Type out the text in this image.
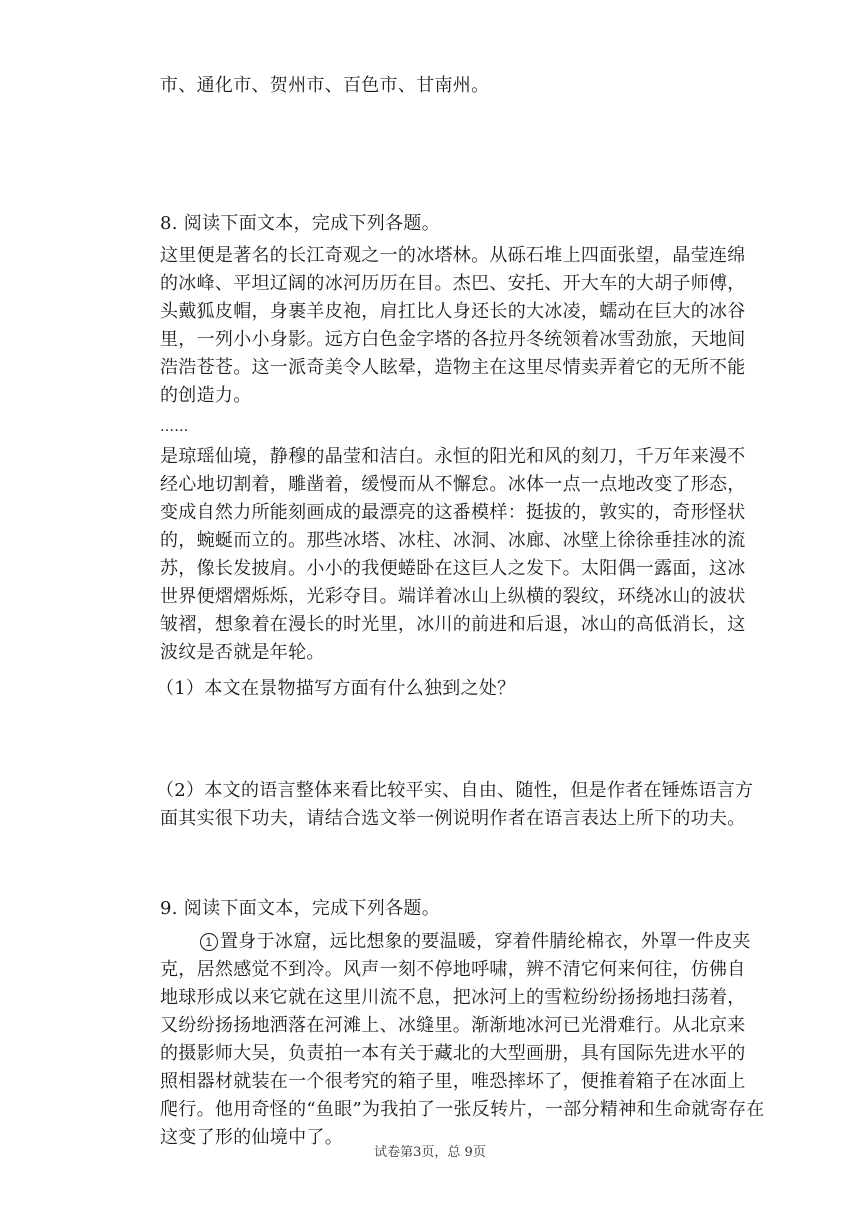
市、通化市、贺州市、百色市、甘南州。
8. 阅读下面文本，完成下列各题。
这里便是著名的长江奇观之一的冰塔林。从砾石堆上四面张望，晶莹连绵
的冰峰、平坦辽阔的冰河历历在目。杰巴、安托、开大车的大胡子师傅，
头戴狐皮帽，身裹羊皮袍，肩扛比人身还长的大冰凌，蠕动在巨大的冰谷
里，一列小小身影。远方白色金字塔的各拉丹冬统领着冰雪劲旅，天地间
浩浩苍苍。这一派奇美令人眩晕，造物主在这里尽情卖弄着它的无所不能
的创造力。
……
是琼瑶仙境，静穆的晶莹和洁白。永恒的阳光和风的刻刀，千万年来漫不
经心地切割着，雕凿着，缓慢而从不懈怠。冰体一点一点地改变了形态，
变成自然力所能刻画成的最漂亮的这番模样：挺拔的，敦实的，奇形怪状
的，蜿蜒而立的。那些冰塔、冰柱、冰洞、冰廊、冰壁上徐徐垂挂冰的流
苏，像长发披肩。小小的我便蜷卧在这巨人之发下。太阳偶一露面，这冰
世界便熠熠烁烁，光彩夺目。端详着冰山上纵横的裂纹，环绕冰山的波状
皱褶，想象着在漫长的时光里，冰川的前进和后退，冰山的高低消长，这
波纹是否就是年轮。
（1）本文在景物描写方面有什么独到之处？
（2）本文的语言整体来看比较平实、自由、随性，但是作者在锤炼语言方
面其实很下功夫，请结合选文举一例说明作者在语言表达上所下的功夫。
9. 阅读下面文本，完成下列各题。
1 置身于冰窟，远比想象的要温暖，穿着件腈纶棉衣，外罩一件皮夹
克，居然感觉不到冷。风声一刻不停地呼啸，辨不清它何来何往，仿佛自
地球形成以来它就在这里川流不息，把冰河上的雪粒纷纷扬扬地扫荡着，
又纷纷扬扬地洒落在河滩上、冰缝里。渐渐地冰河已光滑难行。从北京来
的摄影师大吴，负责拍一本有关于藏北的大型画册，具有国际先进水平的
照相器材就装在一个很考究的箱子里，唯恐摔坏了，便推着箱子在冰面上
爬行。他用奇怪的“鱼眼”为我拍了一张反转片，一部分精神和生命就寄存在
这变了形的仙境中了。
试卷第3页，总 9页
